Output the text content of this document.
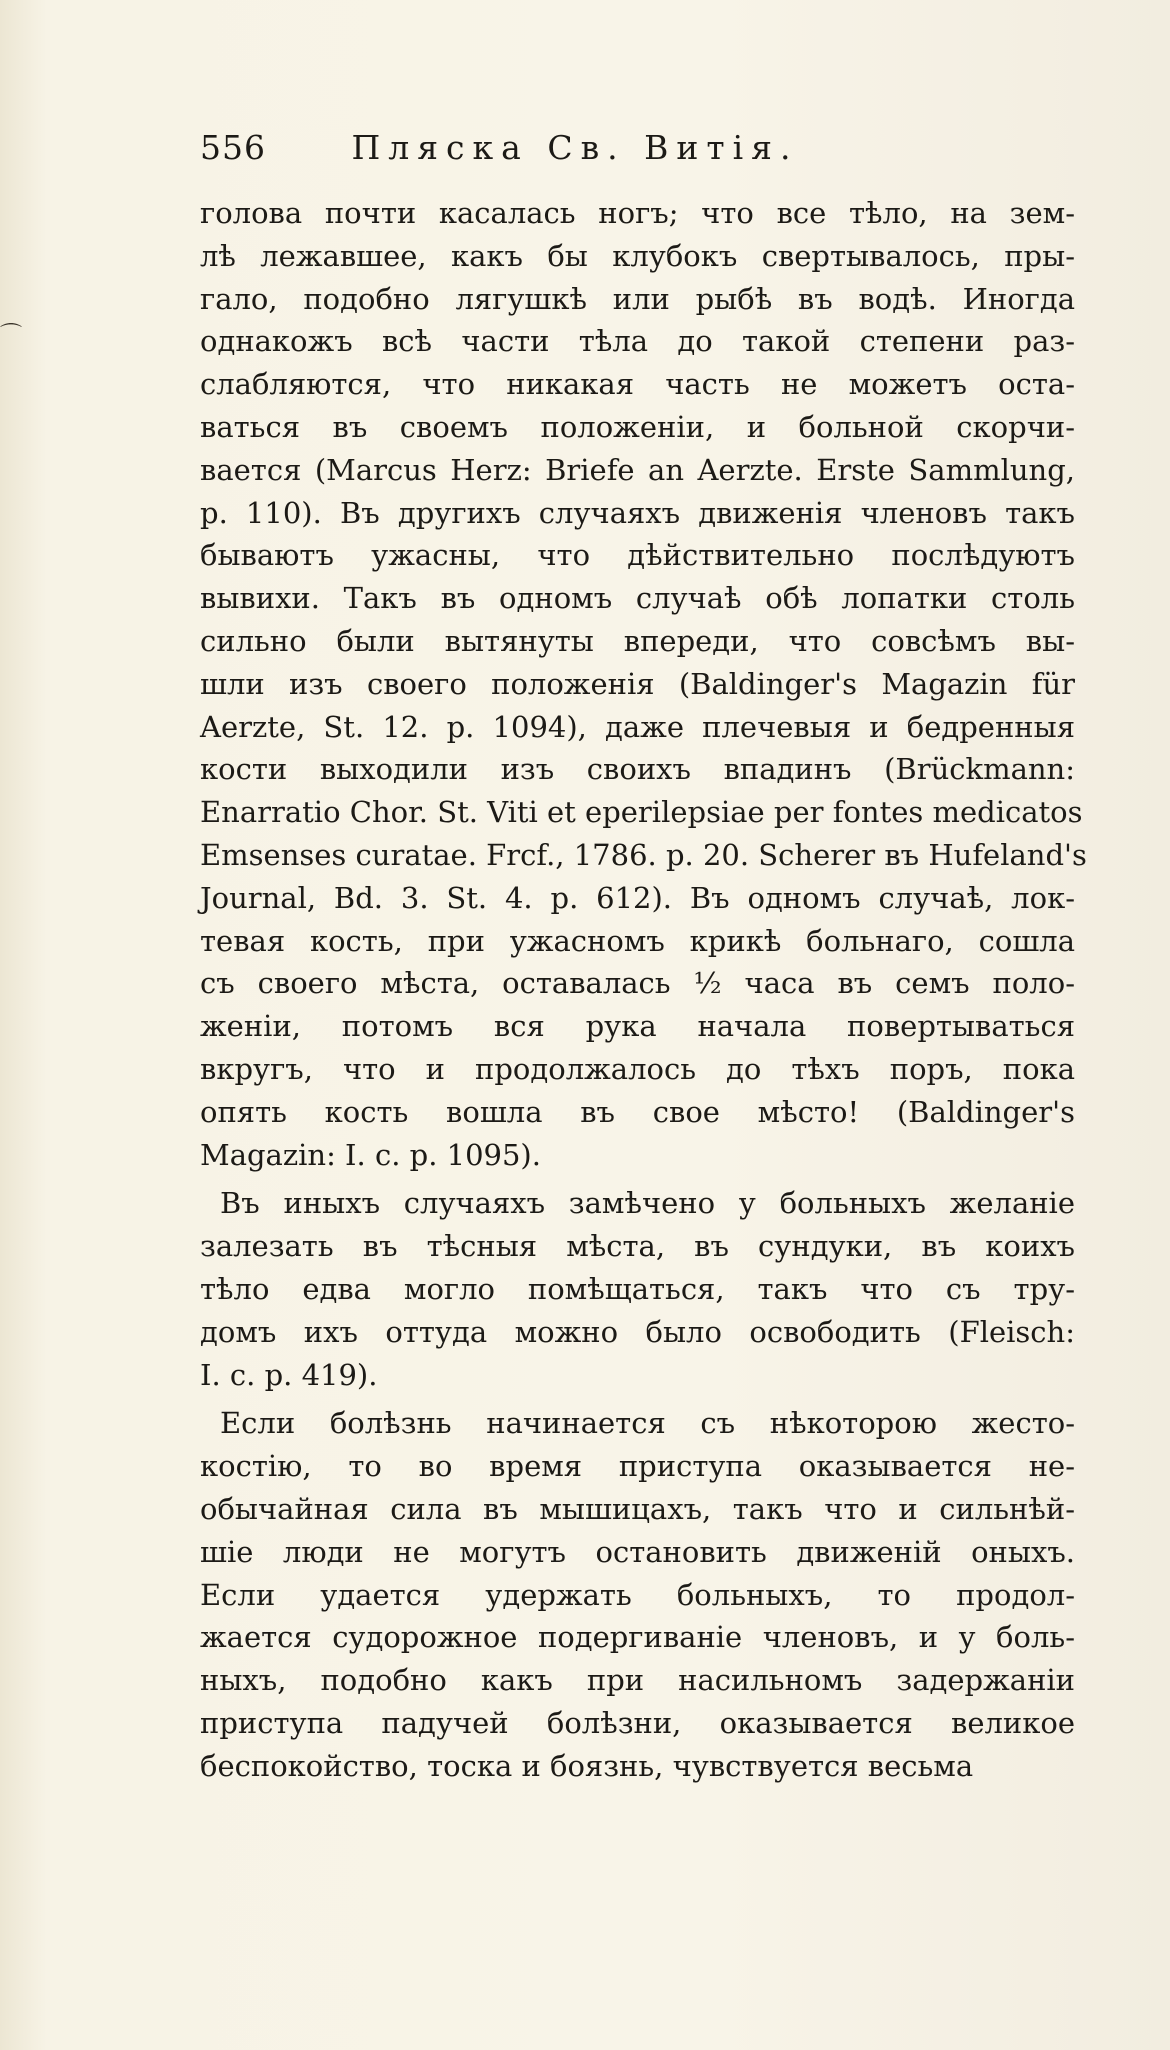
556	Пляска Св. Витія.
⌒
голова почти касалась ногъ; что все тѣло, на зем-
лѣ лежавшее, какъ бы клубокъ свертывалось, пры-
гало, подобно лягушкѣ или рыбѣ въ водѣ. Иногда
однакожъ всѣ части тѣла до такой степени раз-
слабляются, что никакая часть не можетъ оста-
ваться въ своемъ положеніи, и больной скорчи-
вается (Marcus Herz: Briefe an Aerzte. Erste Sammlung,
p. 110). Въ другихъ случаяхъ движенія членовъ такъ
бываютъ ужасны, что дѣйствительно послѣдуютъ
вывихи. Такъ въ одномъ случаѣ обѣ лопатки столь
сильно были вытянуты впереди, что совсѣмъ вы-
шли изъ своего положенія (Baldinger's Magazin für
Aerzte, St. 12. p. 1094), даже плечевыя и бедренныя
кости выходили изъ своихъ впадинъ (Brückmann:
Enarratio Chor. St. Viti et eperilepsiae per fontes medicatos
Emsenses curatae. Frcf., 1786. p. 20. Scherer въ Hufeland's
Journal, Bd. 3. St. 4. p. 612). Въ одномъ случаѣ, лок-
тевая кость, при ужасномъ крикѣ больнаго, сошла
съ своего мѣста, оставалась ½ часа въ семъ поло-
женіи, потомъ вся рука начала повертываться
вкругъ, что и продолжалось до тѣхъ поръ, пока
опять кость вошла въ свое мѣсто! (Baldinger's
Magazin: I. c. p. 1095).
Въ иныхъ случаяхъ замѣчено у больныхъ желаніе
залезать въ тѣсныя мѣста, въ сундуки, въ коихъ
тѣло едва могло помѣщаться, такъ что съ тру-
домъ ихъ оттуда можно было освободить (Fleisch:
I. c. p. 419).
Если болѣзнь начинается съ нѣкоторою жесто-
костію, то во время приступа оказывается не-
обычайная сила въ мышицахъ, такъ что и сильнѣй-
шіе люди не могутъ остановить движеній оныхъ.
Если удается удержать больныхъ, то продол-
жается судорожное подергиваніе членовъ, и у боль-
ныхъ, подобно какъ при насильномъ задержаніи
приступа падучей болѣзни, оказывается великое
беспокойство, тоска и боязнь, чувствуется весьма
